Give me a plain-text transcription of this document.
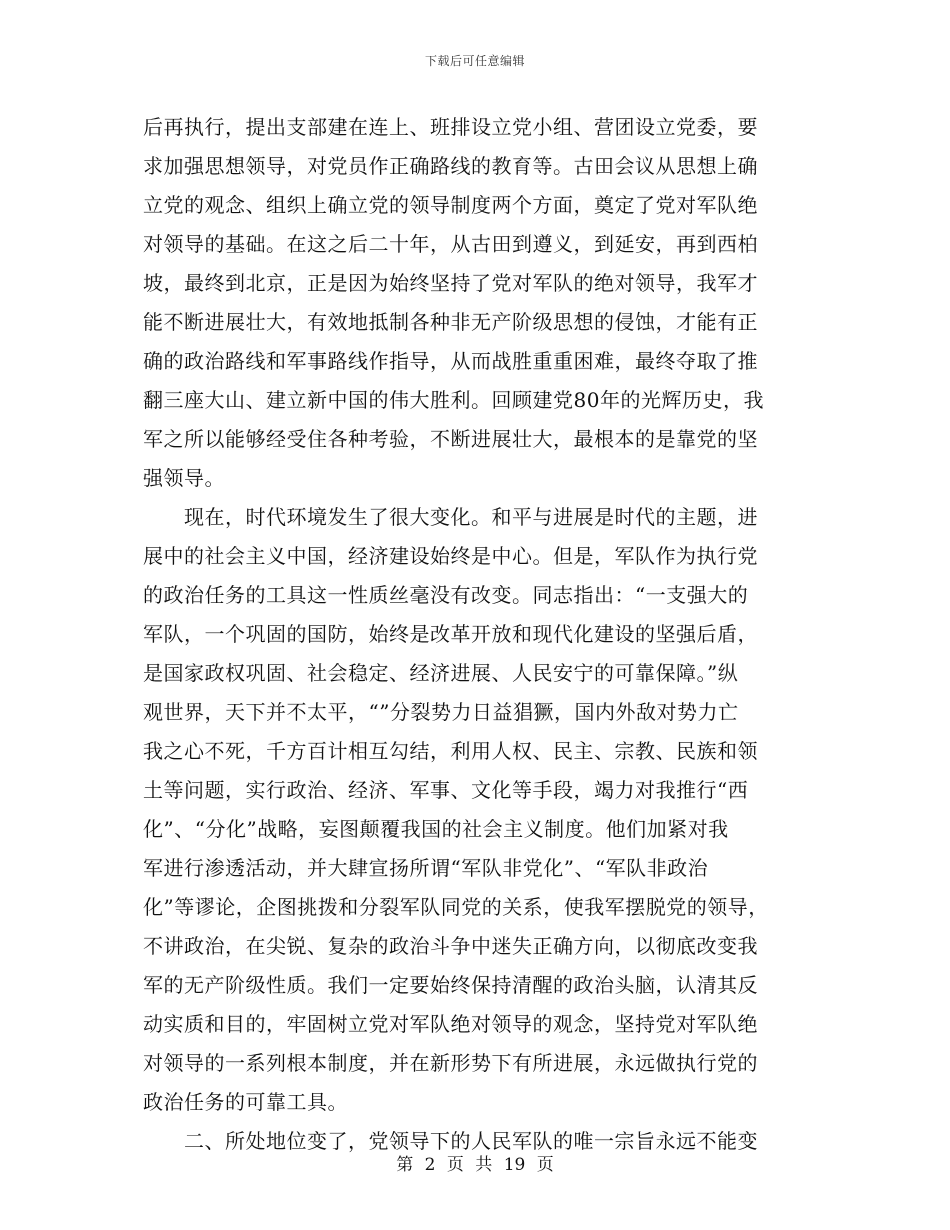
下载后可任意编辑
后再执行，提出支部建在连上、班排设立党小组、营团设立党委，要
求加强思想领导，对党员作正确路线的教育等。古田会议从思想上确
立党的观念、组织上确立党的领导制度两个方面，奠定了党对军队绝
对领导的基础。在这之后二十年，从古田到遵义，到延安，再到西柏
坡，最终到北京，正是因为始终坚持了党对军队的绝对领导，我军才
能不断进展壮大，有效地抵制各种非无产阶级思想的侵蚀，才能有正
确的政治路线和军事路线作指导，从而战胜重重困难，最终夺取了推
翻三座大山、建立新中国的伟大胜利。回顾建党80年的光辉历史，我
军之所以能够经受住各种考验，不断进展壮大，最根本的是靠党的坚
强领导。
　　现在，时代环境发生了很大变化。和平与进展是时代的主题，进
展中的社会主义中国，经济建设始终是中心。但是，军队作为执行党
的政治任务的工具这一性质丝毫没有改变。同志指出：“一支强大的
军队，一个巩固的国防，始终是改革开放和现代化建设的坚强后盾，
是国家政权巩固、社会稳定、经济进展、人民安宁的可靠保障。”纵
观世界，天下并不太平，“”分裂势力日益猖獗，国内外敌对势力亡
我之心不死，千方百计相互勾结，利用人权、民主、宗教、民族和领
土等问题，实行政治、经济、军事、文化等手段，竭力对我推行“西
化”、“分化”战略，妄图颠覆我国的社会主义制度。他们加紧对我
军进行渗透活动，并大肆宣扬所谓“军队非党化”、“军队非政治
化”等谬论，企图挑拨和分裂军队同党的关系，使我军摆脱党的领导，
不讲政治，在尖锐、复杂的政治斗争中迷失正确方向，以彻底改变我
军的无产阶级性质。我们一定要始终保持清醒的政治头脑，认清其反
动实质和目的，牢固树立党对军队绝对领导的观念，坚持党对军队绝
对领导的一系列根本制度，并在新形势下有所进展，永远做执行党的
政治任务的可靠工具。
　　二、所处地位变了，党领导下的人民军队的唯一宗旨永远不能变
第 2 页 共 19 页
